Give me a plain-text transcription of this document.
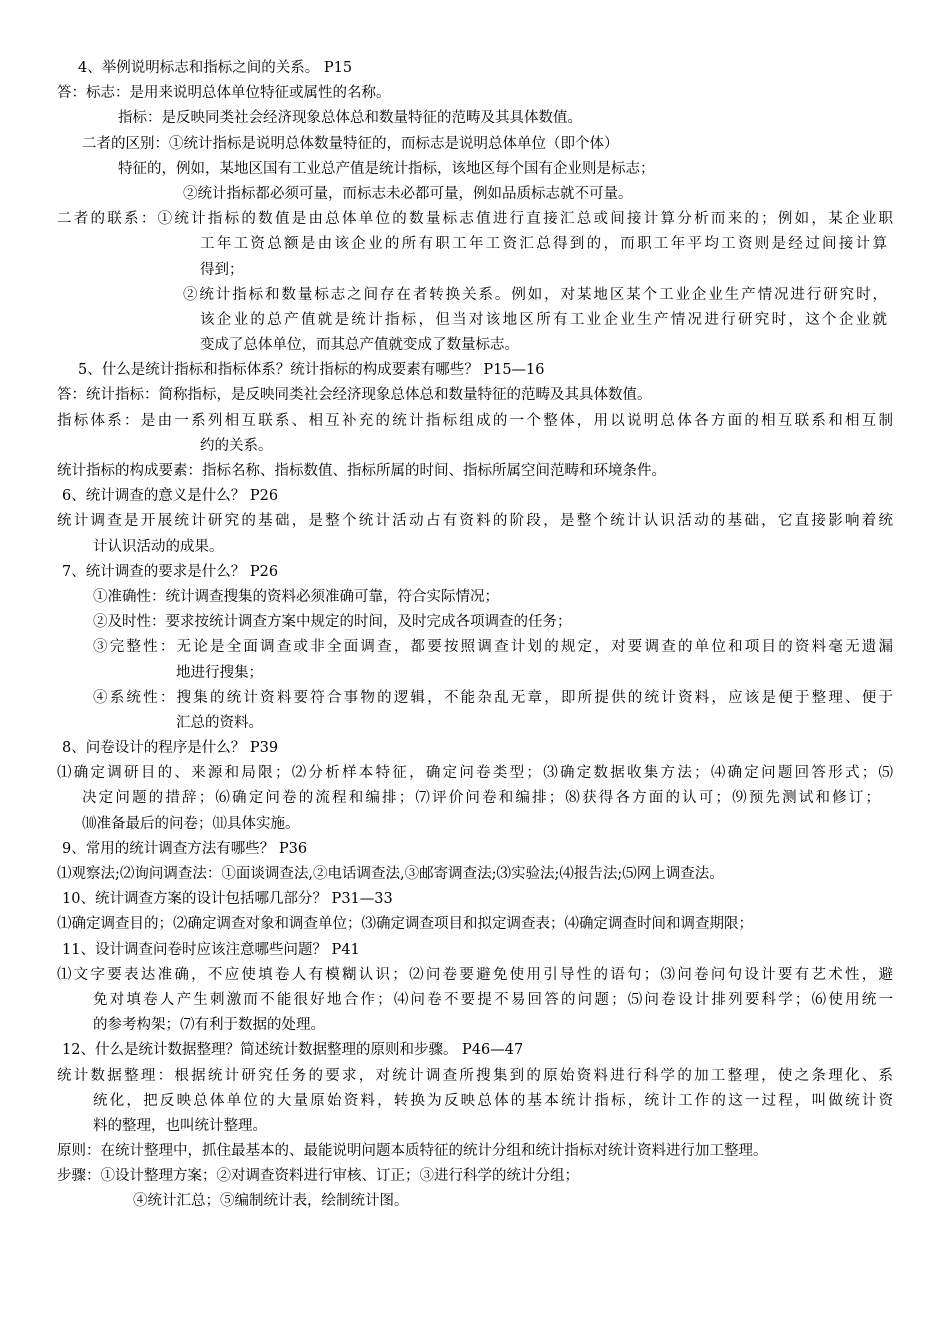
4、举例说明标志和指标之间的关系。 P15
答：标志：是用来说明总体单位特征或属性的名称。
指标：是反映同类社会经济现象总体总和数量特征的范畴及其具体数值。
二者的区别：①统计指标是说明总体数量特征的，而标志是说明总体单位（即个体）
特征的，例如，某地区国有工业总产值是统计指标，该地区每个国有企业则是标志；
②统计指标都必须可量，而标志未必都可量，例如品质标志就不可量。
二者的联系：①统计指标的数值是由总体单位的数量标志值进行直接汇总或间接计算分析而来的；例如，某企业职
工年工资总额是由该企业的所有职工年工资汇总得到的，而职工年平均工资则是经过间接计算
得到；
②统计指标和数量标志之间存在者转换关系。例如，对某地区某个工业企业生产情况进行研究时，
该企业的总产值就是统计指标，但当对该地区所有工业企业生产情况进行研究时，这个企业就
变成了总体单位，而其总产值就变成了数量标志。
5、什么是统计指标和指标体系？统计指标的构成要素有哪些？ P15—16
答：统计指标：简称指标，是反映同类社会经济现象总体总和数量特征的范畴及其具体数值。
指标体系：是由一系列相互联系、相互补充的统计指标组成的一个整体，用以说明总体各方面的相互联系和相互制
约的关系。
统计指标的构成要素：指标名称、指标数值、指标所属的时间、指标所属空间范畴和环境条件。
6、统计调查的意义是什么？ P26
统计调查是开展统计研究的基础，是整个统计活动占有资料的阶段，是整个统计认识活动的基础，它直接影响着统
计认识活动的成果。
7、统计调查的要求是什么？ P26
①准确性：统计调查搜集的资料必须准确可靠，符合实际情况；
②及时性：要求按统计调查方案中规定的时间，及时完成各项调查的任务；
③完整性：无论是全面调查或非全面调查，都要按照调查计划的规定，对要调查的单位和项目的资料毫无遗漏
地进行搜集；
④系统性：搜集的统计资料要符合事物的逻辑，不能杂乱无章，即所提供的统计资料，应该是便于整理、便于
汇总的资料。
8、问卷设计的程序是什么？ P39
⑴确定调研目的、来源和局限；⑵分析样本特征，确定问卷类型；⑶确定数据收集方法；⑷确定问题回答形式；⑸
决定问题的措辞；⑹确定问卷的流程和编排；⑺评价问卷和编排；⑻获得各方面的认可；⑼预先测试和修订；
⑽准备最后的问卷；⑾具体实施。
9、常用的统计调查方法有哪些？ P36
⑴观察法;⑵询问调查法：①面谈调查法,②电话调查法,③邮寄调查法;⑶实验法;⑷报告法;⑸网上调查法。
10、统计调查方案的设计包括哪几部分？ P31—33
⑴确定调查目的；⑵确定调查对象和调查单位；⑶确定调查项目和拟定调查表；⑷确定调查时间和调查期限；
11、设计调查问卷时应该注意哪些问题？ P41
⑴文字要表达准确，不应使填卷人有模糊认识；⑵问卷要避免使用引导性的语句；⑶问卷问句设计要有艺术性，避
免对填卷人产生刺激而不能很好地合作；⑷问卷不要提不易回答的问题；⑸问卷设计排列要科学；⑹使用统一
的参考构架；⑺有利于数据的处理。
12、什么是统计数据整理？简述统计数据整理的原则和步骤。 P46—47
统计数据整理：根据统计研究任务的要求，对统计调查所搜集到的原始资料进行科学的加工整理，使之条理化、系
统化，把反映总体单位的大量原始资料，转换为反映总体的基本统计指标，统计工作的这一过程，叫做统计资
料的整理，也叫统计整理。
原则：在统计整理中，抓住最基本的、最能说明问题本质特征的统计分组和统计指标对统计资料进行加工整理。
步骤：①设计整理方案；②对调查资料进行审核、订正；③进行科学的统计分组；
④统计汇总；⑤编制统计表，绘制统计图。
